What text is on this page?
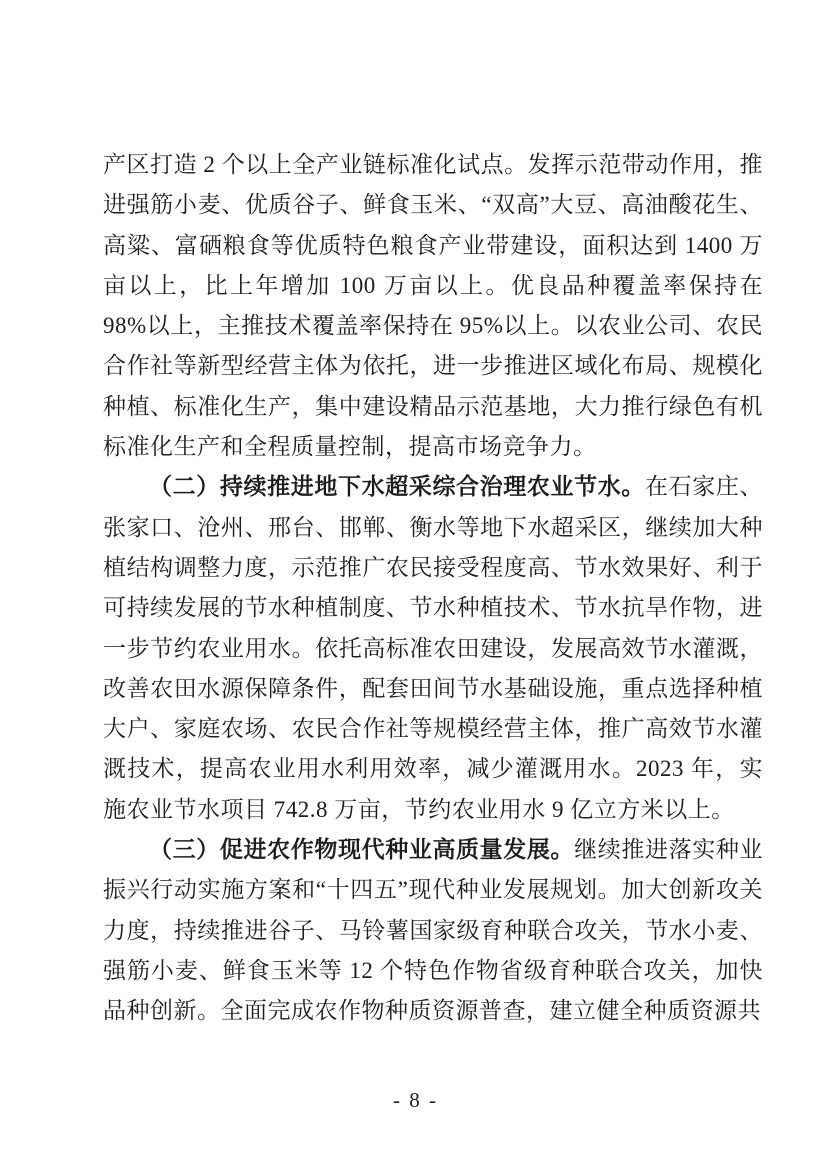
产区打造 2 个以上全产业链标准化试点。发挥示范带动作用，推进强筋小麦、优质谷子、鲜食玉米、“双高”大豆、高油酸花生、高粱、富硒粮食等优质特色粮食产业带建设，面积达到 1400 万亩以上，比上年增加 100 万亩以上。优良品种覆盖率保持在 98%以上，主推技术覆盖率保持在 95%以上。以农业公司、农民合作社等新型经营主体为依托，进一步推进区域化布局、规模化种植、标准化生产，集中建设精品示范基地，大力推行绿色有机标准化生产和全程质量控制，提高市场竞争力。

（二）持续推进地下水超采综合治理农业节水。在石家庄、张家口、沧州、邢台、邯郸、衡水等地下水超采区，继续加大种植结构调整力度，示范推广农民接受程度高、节水效果好、利于可持续发展的节水种植制度、节水种植技术、节水抗旱作物，进一步节约农业用水。依托高标准农田建设，发展高效节水灌溉，改善农田水源保障条件，配套田间节水基础设施，重点选择种植大户、家庭农场、农民合作社等规模经营主体，推广高效节水灌溉技术，提高农业用水利用效率，减少灌溉用水。2023 年，实施农业节水项目 742.8 万亩，节约农业用水 9 亿立方米以上。

（三）促进农作物现代种业高质量发展。继续推进落实种业振兴行动实施方案和“十四五”现代种业发展规划。加大创新攻关力度，持续推进谷子、马铃薯国家级育种联合攻关，节水小麦、强筋小麦、鲜食玉米等 12 个特色作物省级育种联合攻关，加快品种创新。全面完成农作物种质资源普查，建立健全种质资源共

- 8 -
